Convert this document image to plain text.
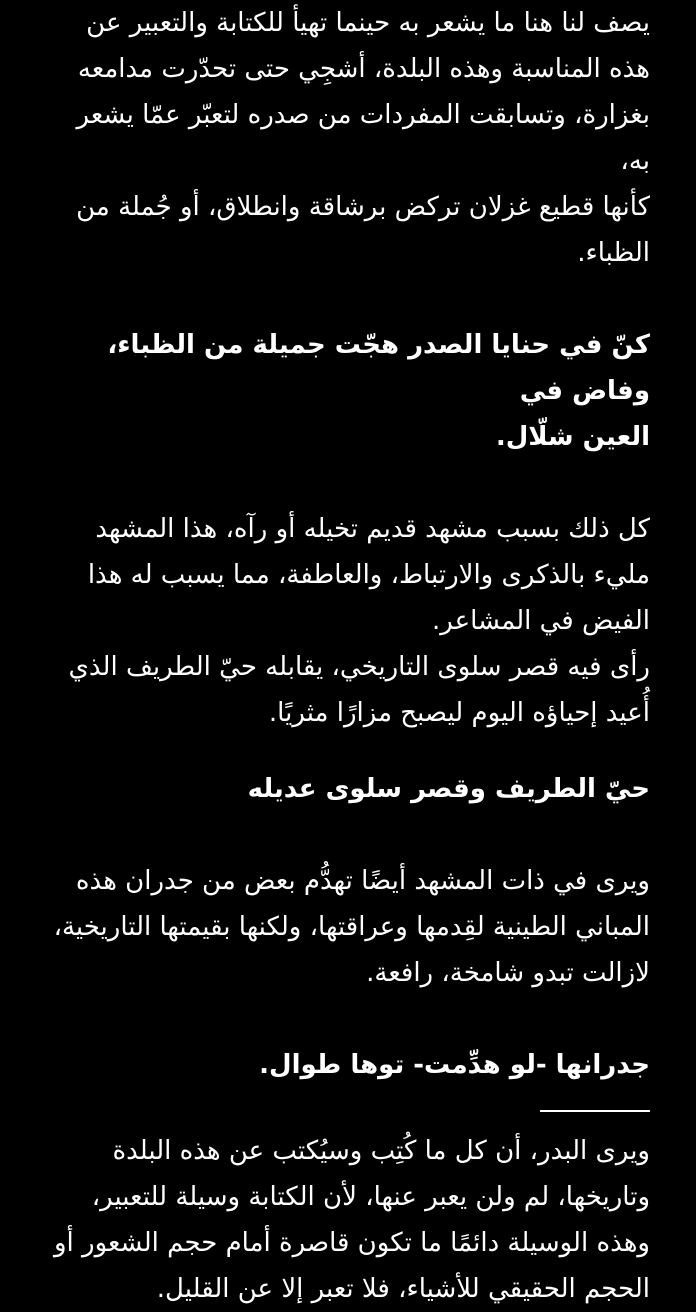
يصف لنا هنا ما يشعر به حينما تهيأ للكتابة والتعبير عن
هذه المناسبة وهذه البلدة، أشجِي حتى تحدّرت مدامعه
بغزارة، وتسابقت المفردات من صدره لتعبّر عمّا يشعر به،
كأنها قطيع غزلان تركض برشاقة وانطلاق، أو جُملة من
الظباء.

كنّ في حنايا الصدر هجّت جميلة من الظباء، وفاض في
العين شلّال.

كل ذلك بسبب مشهد قديم تخيله أو رآه، هذا المشهد
مليء بالذكرى والارتباط، والعاطفة، مما يسبب له هذا
الفيض في المشاعر.
رأى فيه قصر سلوى التاريخي، يقابله حيّ الطريف الذي
أُعيد إحياؤه اليوم ليصبح مزارًا مثريًا.

حيّ الطريف وقصر سلوى عديله

ويرى في ذات المشهد أيضًا تهدُّم بعض من جدران هذه
المباني الطينية لقِدمها وعراقتها، ولكنها بقيمتها التاريخية،
لازالت تبدو شامخة، رافعة.

جدرانها -لو هدِّمت- توها طوال.

ويرى البدر، أن كل ما كُتِب وسيُكتب عن هذه البلدة
وتاريخها، لم ولن يعبر عنها، لأن الكتابة وسيلة للتعبير،
وهذه الوسيلة دائمًا ما تكون قاصرة أمام حجم الشعور أو
الحجم الحقيقي للأشياء، فلا تعبر إلا عن القليل.
